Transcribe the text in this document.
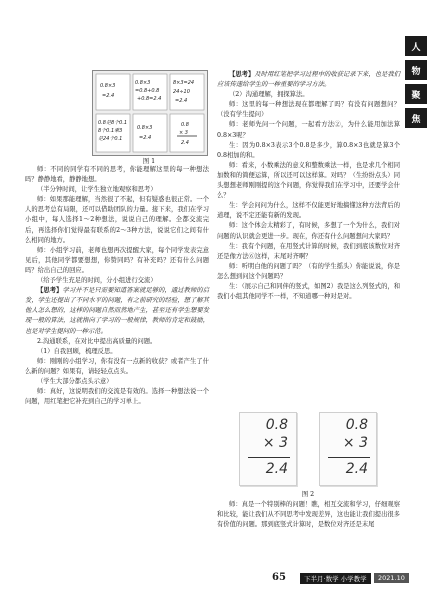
0.8×3
=2.4
0.8×3
=0.8+0.8
+0.8=2.4
8×3=24
24÷10
=2.4
0.8是8个0.1
8个0.1乘3
是24个0.1
0.8×3
=2.4
0.8
× 3
2.4
图 1

师：不同的同学有不同的思考，你能理解这里的每一种想法吗？静静地看，静静地想。

（半分钟时间，让学生独立地观察和思考）

师：如果那能理解，当然很了不起，但有疑惑也很正常。一个人的思考总有局限，还可以借助团队的力量。接下来，我们在学习小组中，每人选择1～2种想法，说说自己的理解。全都交流完后，再选择你们觉得最有联系的2～3种方法，说说它们之间有什么相同的地方。

师：小组学习前，老师也想再次提醒大家，每个同学发表完意见后，其他同学都要想想，你赞同吗？有补充吗？还有什么问题吗？给出自己的回应。

（给予学生充足的时间，分小组进行交流）

【思考】学习并不是只需要知道答案就足够的，通过教师的启发，学生还提出了不同水平的问题，有之前研究的经验，想了解其他人怎么想的，这样的问题自然而然地产生，甚至还有学生想要发现一般的算法，这就指向了学习的一般规律，教师的肯定和鼓励，也是对学生提问的一种示范。

2.沟通联系，在对比中提出高质量的问题。

（1）自我回顾，梳理反思。

师：刚刚的小组学习，你有没有一点新的收获？或者产生了什么新的问题？如果有，请轻轻点点头。

（学生大部分都点头示意）

师：真好，这说明我们的交流是有效的。选择一种想法说一个问题，用红笔把它补充到自己的学习单上。

【思考】及时用红笔把学习过程中的收获记录下来，也是我们应该传递给学生的一种重要的学习方法。

（2）沟通理解，拥探算法。

师：这里的每一种想法现在都理解了吗？有没有问题想问？（没有学生提问）

师：老师先问一个问题，一起看方法②，为什么能用加法算0.8×3呢？

生：因为0.8×3表示3个0.8是多少，算0.8×3也就是算3个0.8相加的和。

师：看来，小数乘法的意义和整数乘法一样，也是求几个相同加数和的简便运算，所以还可以这样算。对吗？（生纷纷点头）同头想想老师刚刚提的这个问题，你觉得我们在学习中，还要学会什么？

生：学会问问为什么，这样不仅能更好地搞懂这种方法背后的道理，说不定还能有新的发现。

师：这个体会太精彩了，有时候，多想了一个为什么，我们对问题的认识就会更进一步。现在，你还有什么问题想问大家吗？

生：我有个问题，在用竖式计算的时候，我们到底该数位对齐还是像方法⑥这样，末尾对齐啊？

师：听明白他的问题了吗？（有的学生摇头）你能说说，你是怎么想到问这个问题吗？

生：（展示自己和同伴的竖式，如图2）我是这么列竖式的，和我们小组其他同学不一样，不知道哪一种对是对。

0.8
× 3
2.4
0.8
× 3
2.4
图 2

师：真是一个特别棒的问题！瞧，相互交流和学习，仔细观察和比较，能让我们从不同思考中发现差异，这也能让我们提出很多有价值的问题。那到底竖式计算时，是数位对齐还是末尾

人
物
聚
焦
65	下半月·数学 小学教学	2021.10
